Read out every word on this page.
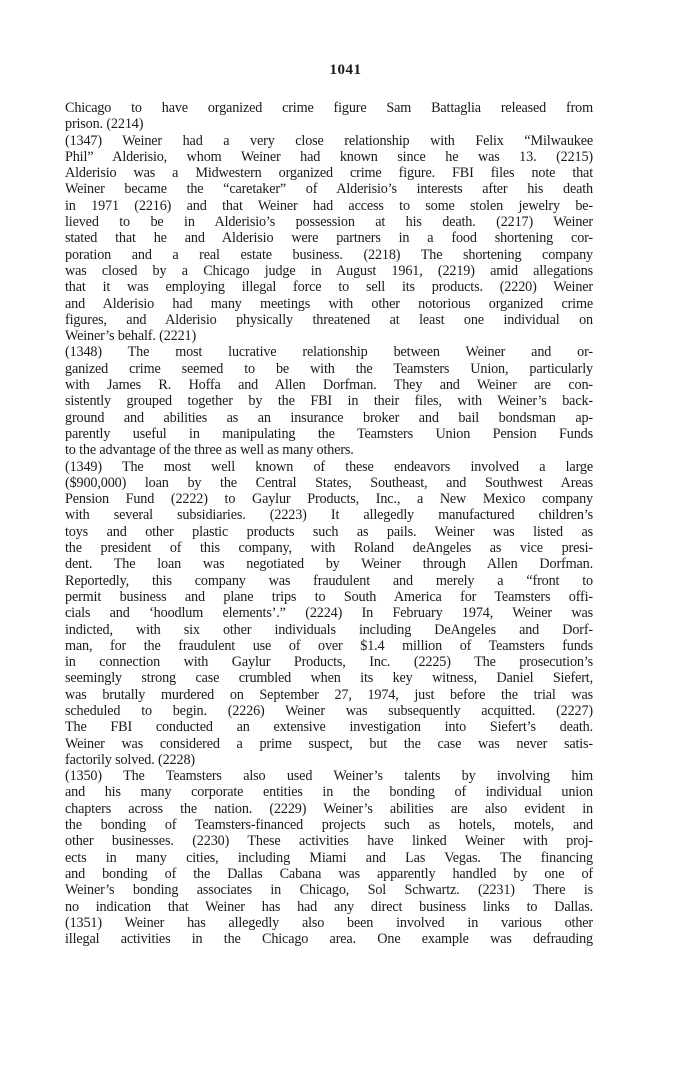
1041
Chicago to have organized crime figure Sam Battaglia released from
prison. (2214)
(1347) Weiner had a very close relationship with Felix “Milwaukee
Phil” Alderisio, whom Weiner had known since he was 13. (2215)
Alderisio was a Midwestern organized crime figure. FBI files note that
Weiner became the “caretaker” of Alderisio’s interests after his death
in 1971 (2216) and that Weiner had access to some stolen jewelry be-
lieved to be in Alderisio’s possession at his death. (2217) Weiner
stated that he and Alderisio were partners in a food shortening cor-
poration and a real estate business. (2218) The shortening company
was closed by a Chicago judge in August 1961, (2219) amid allegations
that it was employing illegal force to sell its products. (2220) Weiner
and Alderisio had many meetings with other notorious organized crime
figures, and Alderisio physically threatened at least one individual on
Weiner’s behalf. (2221)
(1348) The most lucrative relationship between Weiner and or-
ganized crime seemed to be with the Teamsters Union, particularly
with James R. Hoffa and Allen Dorfman. They and Weiner are con-
sistently grouped together by the FBI in their files, with Weiner’s back-
ground and abilities as an insurance broker and bail bondsman ap-
parently useful in manipulating the Teamsters Union Pension Funds
to the advantage of the three as well as many others.
(1349) The most well known of these endeavors involved a large
($900,000) loan by the Central States, Southeast, and Southwest Areas
Pension Fund (2222) to Gaylur Products, Inc., a New Mexico company
with several subsidiaries. (2223) It allegedly manufactured children’s
toys and other plastic products such as pails. Weiner was listed as
the president of this company, with Roland deAngeles as vice presi-
dent. The loan was negotiated by Weiner through Allen Dorfman.
Reportedly, this company was fraudulent and merely a “front to
permit business and plane trips to South America for Teamsters offi-
cials and ‘hoodlum elements’.” (2224) In February 1974, Weiner was
indicted, with six other individuals including DeAngeles and Dorf-
man, for the fraudulent use of over $1.4 million of Teamsters funds
in connection with Gaylur Products, Inc. (2225) The prosecution’s
seemingly strong case crumbled when its key witness, Daniel Siefert,
was brutally murdered on September 27, 1974, just before the trial was
scheduled to begin. (2226) Weiner was subsequently acquitted. (2227)
The FBI conducted an extensive investigation into Siefert’s death.
Weiner was considered a prime suspect, but the case was never satis-
factorily solved. (2228)
(1350) The Teamsters also used Weiner’s talents by involving him
and his many corporate entities in the bonding of individual union
chapters across the nation. (2229) Weiner’s abilities are also evident in
the bonding of Teamsters-financed projects such as hotels, motels, and
other businesses. (2230) These activities have linked Weiner with proj-
ects in many cities, including Miami and Las Vegas. The financing
and bonding of the Dallas Cabana was apparently handled by one of
Weiner’s bonding associates in Chicago, Sol Schwartz. (2231) There is
no indication that Weiner has had any direct business links to Dallas.
(1351) Weiner has allegedly also been involved in various other
illegal activities in the Chicago area. One example was defrauding
